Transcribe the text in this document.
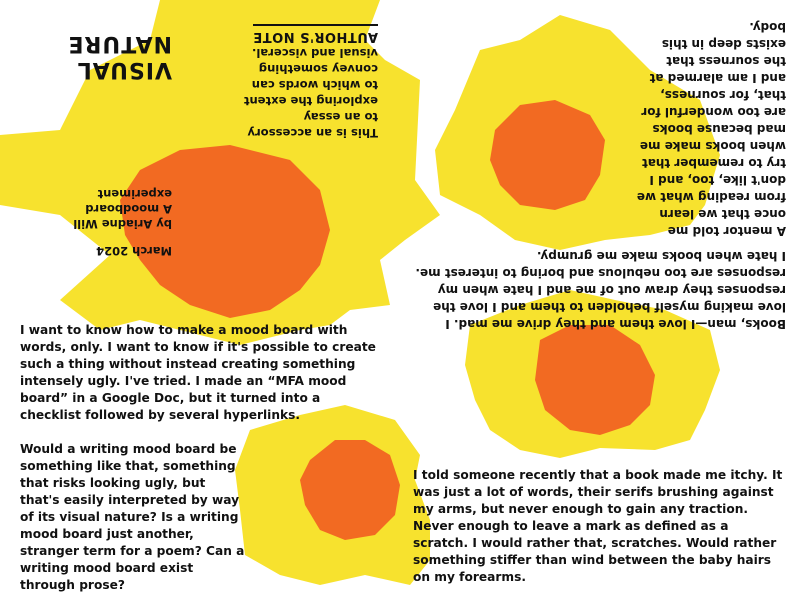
March 2024
by Ariadne Will
A moodboard experiment
VISUAL NATURE
This is an accessory to an essay exploring the extent to which words can convey something visual and visceral.
AUTHOR'S NOTE
Books, man—I love them and they drive me mad. I love making myself beholden to them and I love the responses they draw out of me and I hate when my responses are too nebulous and boring to interest me. I hate when books make me grumpy.
A mentor told me once that we learn from reading what we don't like, too, and I try to remember that when books make me mad because books are too wonderful for that, for sourness, and I am alarmed at the sourness that exists deep in this body.

I want to know how to make a mood board with words, only. I want to know if it's possible to create such a thing without instead creating something intensely ugly. I've tried. I made an “MFA mood board” in a Google Doc, but it turned into a checklist followed by several hyperlinks.

Would a writing mood board be something like that, something that risks looking ugly, but that's easily interpreted by way of its visual nature? Is a writing mood board just another, stranger term for a poem? Can a writing mood board exist through prose?

I told someone recently that a book made me itchy. It was just a lot of words, their serifs brushing against my arms, but never enough to gain any traction. Never enough to leave a mark as defined as a scratch. I would rather that, scratches. Would rather something stiffer than wind between the baby hairs on my forearms.
